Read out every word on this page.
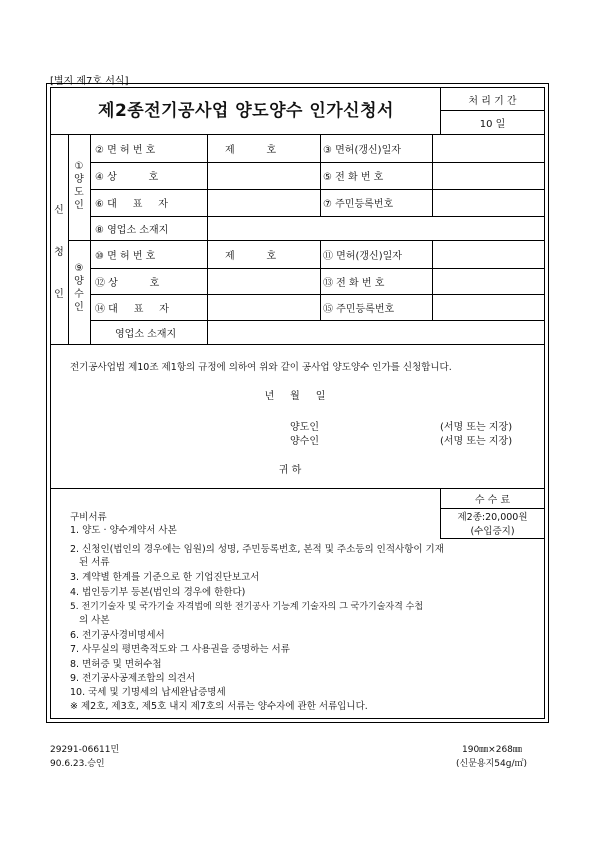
[별지 제7호 서식]
제2종전기공사업 양도양수 인가신청서	처 리 기 간
10 일
신청인
①
양
도
인
② 면 허 번 호	제          호	③ 면허(갱신)일자
④ 상          호	⑤ 전 화 번 호
⑥ 대     표     자	⑦ 주민등록번호
⑧ 영업소 소재지
⑨
양
수
인
⑩ 면 허 번 호	제          호	⑪ 면허(갱신)일자
⑫ 상          호	⑬ 전 화 번 호
⑭ 대     표     자	⑮ 주민등록번호
영업소 소재지
전기공사업법 제10조 제1항의 규정에 의하여 위와 같이 공사업 양도양수 인가를 신청합니다.
년     월     일
양도인	(서명 또는 지장)
양수인	(서명 또는 지장)
귀 하
수 수 료
제2종:20,000원
(수입증지)
구비서류
1. 양도 · 양수계약서 사본
2. 신청인(법인의 경우에는 임원)의 성명, 주민등록번호, 본적 및 주소등의 인적사항이 기재
된 서류
3. 계약별 한계를 기준으로 한 기업진단보고서
4. 법인등기부 등본(법인의 경우에 한한다)
5. 전기기술자 및 국가기술 자격법에 의한 전기공사 기능계 기술자의 그 국가기술자격 수첩
의 사본
6. 전기공사경비명세서
7. 사무실의 평면축적도와 그 사용권을 증명하는 서류
8. 면허증 및 면허수첩
9. 전기공사공제조합의 의견서
10. 국세 및 기명세의 납세완납증명세
※ 제2호, 제3호, 제5호 내지 제7호의 서류는 양수자에 관한 서류입니다.
29291-06611민
90.6.23.승인
190㎜×268㎜
(신문용지54g/㎡)
